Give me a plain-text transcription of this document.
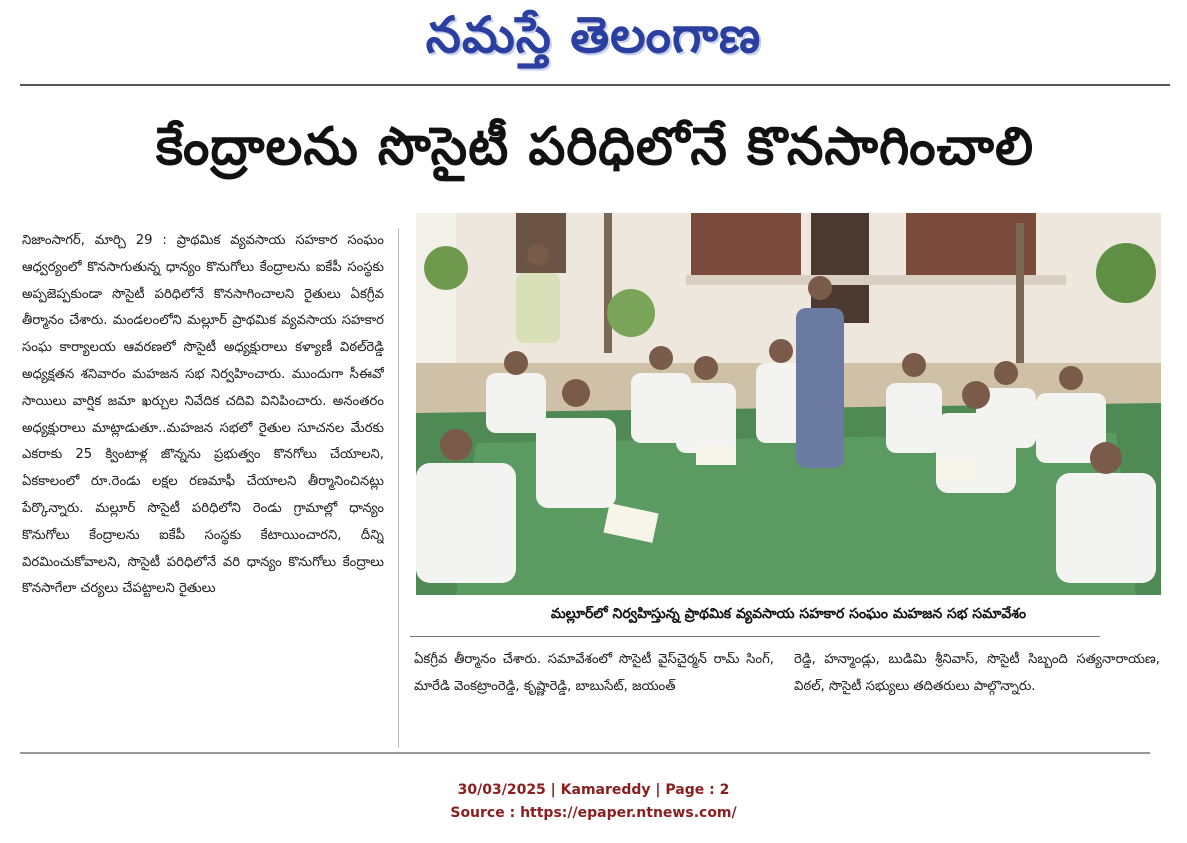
నమస్తే తెలంగాణ
కేంద్రాలను సొసైటీ పరిధిలోనే కొనసాగించాలి

నిజాంసాగర్, మార్చి 29 : ప్రాథమిక వ్యవసాయ సహకార సంఘం ఆధ్వర్యంలో కొనసాగుతున్న ధాన్యం కొనుగోలు కేంద్రాలను ఐకేపీ సంస్థకు అప్పజెప్పకుండా సొసైటీ పరిధిలోనే కొనసాగించాలని రైతులు ఏకగ్రీవ తీర్మానం చేశారు. మండలంలోని మల్లూర్ ప్రాథమిక వ్యవసాయ సహకార సంఘ కార్యాలయ ఆవరణలో సొసైటీ అధ్యక్షురాలు కళ్యాణీ విఠల్‌రెడ్డి అధ్యక్షతన శనివారం మహజన సభ నిర్వహించారు. ముందుగా సీఈవో సాయిలు వార్షిక జమా ఖర్చుల నివేదిక చదివి వినిపించారు. అనంతరం అధ్యక్షురాలు మాట్లాడుతూ..మహజన సభలో రైతుల సూచనల మేరకు ఎకరాకు 25 క్వింటాళ్ల జొన్నను ప్రభుత్వం కొనగోలు చేయాలని, ఏకకాలంలో రూ.రెండు లక్షల రణమాఫీ చేయాలని తీర్మానించినట్లు పేర్కొన్నారు. మల్లూర్ సొసైటీ పరిధిలోని రెండు గ్రామాల్లో ధాన్యం కొనుగోలు కేంద్రాలను ఐకేపీ సంస్థకు కేటాయించారని, దీన్ని విరమించుకోవాలని, సొసైటీ పరిధిలోనే వరి ధాన్యం కొనుగోలు కేంద్రాలు కొనసాగేలా చర్యలు చేపట్టాలని రైతులు

మల్లూర్‌లో నిర్వహిస్తున్న ప్రాథమిక వ్యవసాయ సహకార సంఘం మహజన సభ సమావేశం

ఏకగ్రీవ తీర్మానం చేశారు. సమావేశంలో సొసైటీ వైస్‌చైర్మన్ రామ్ సింగ్, మారేడి వెంకట్రాంరెడ్డి, కృష్ణారెడ్డి, బాబుసేట్, జయంత్

రెడ్డి, హన్మాండ్లు, బుడిమి శ్రీనివాస్, సొసైటీ సిబ్బంది సత్యనారాయణ, విఠల్, సొసైటీ సభ్యులు తదితరులు పాల్గొన్నారు.

30/03/2025 | Kamareddy | Page : 2
Source : https://epaper.ntnews.com/
